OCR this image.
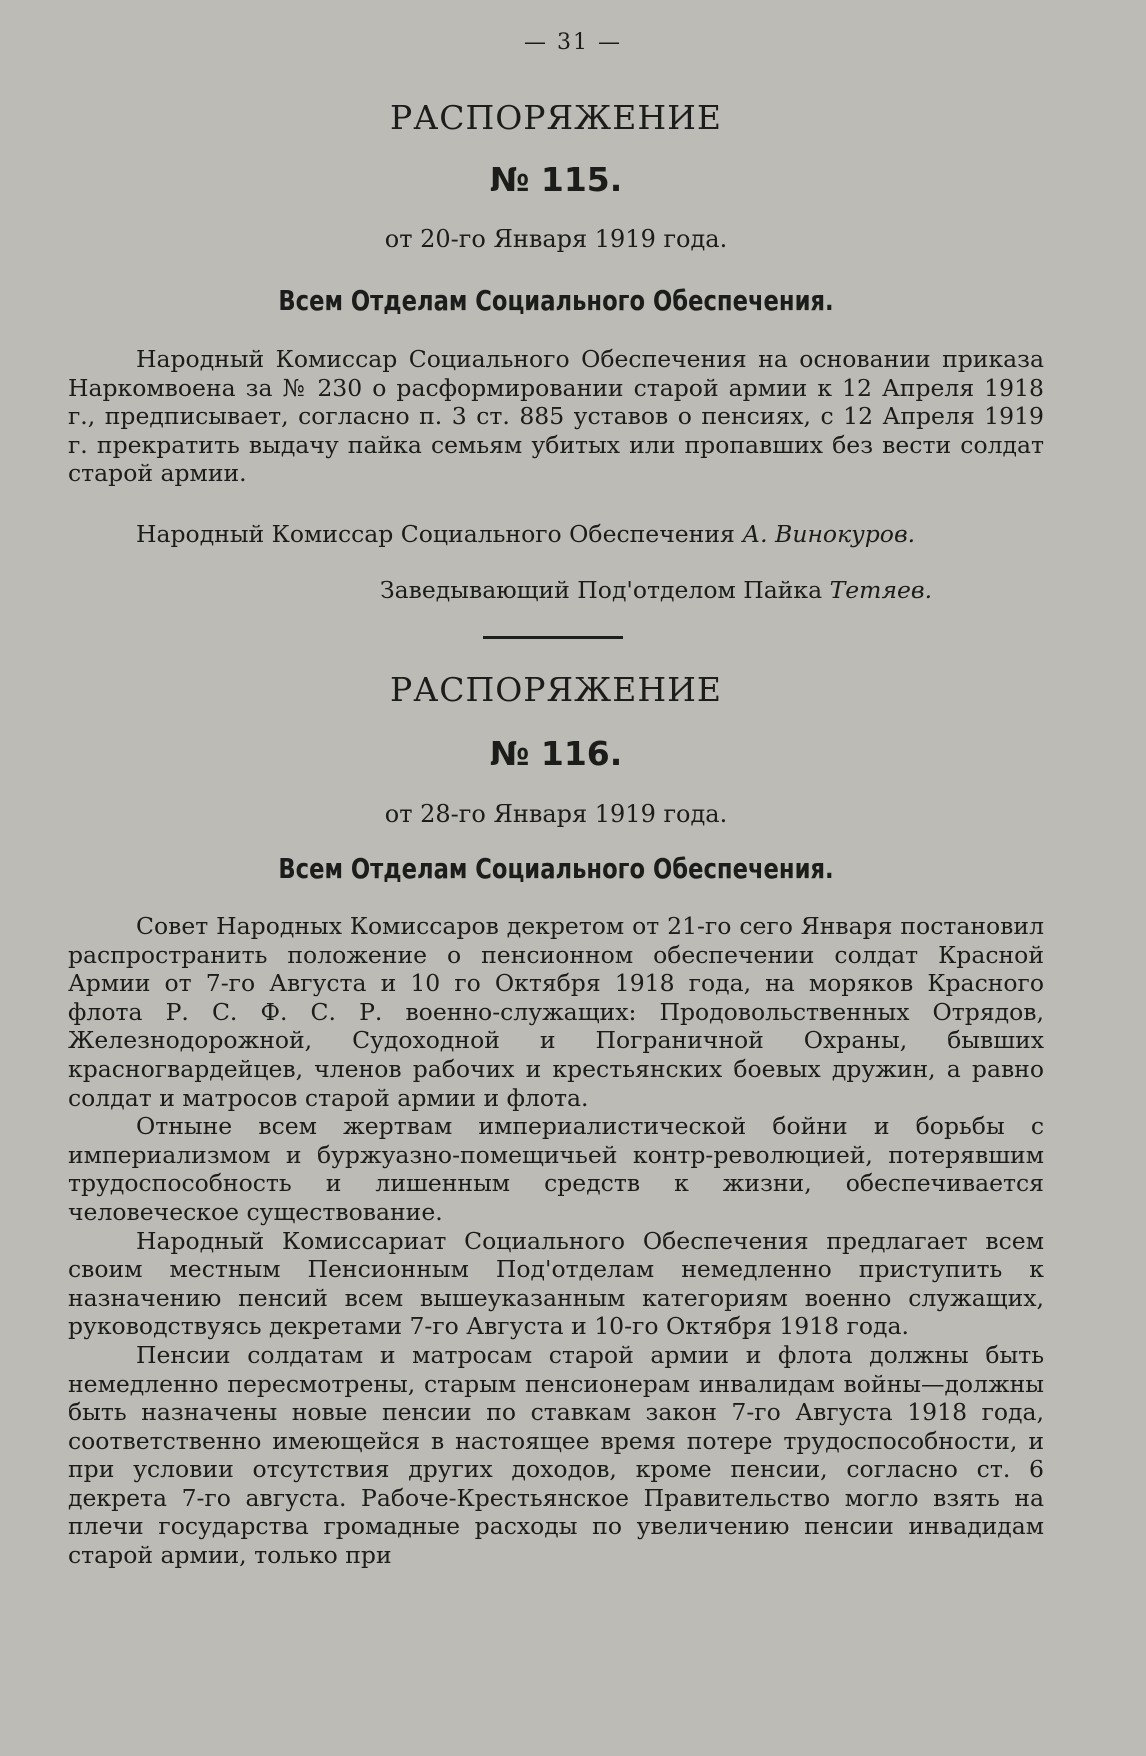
— 31 —
РАСПОРЯЖЕНИЕ
№ 115.
от 20-го Января 1919 года.
Всем Отделам Социального Обеспечения.

Народный Комиссар Социального Обеспечения на основании приказа Наркомвоена за № 230 о расформировании старой армии к 12 Апреля 1918 г., предписывает, согласно п. 3 ст. 885 уставов о пенсиях, с 12 Апреля 1919 г. прекратить выдачу пайка семьям убитых или пропавших без вести солдат старой армии.

Народный Комиссар Социального Обеспечения А. Винокуров.
Заведывающий Под'отделом Пайка Тетяев.
РАСПОРЯЖЕНИЕ
№ 116.
от 28-го Января 1919 года.
Всем Отделам Социального Обеспечения.

Совет Народных Комиссаров декретом от 21-го сего Января постановил распространить положение о пенсионном обеспечении солдат Красной Армии от 7-го Августа и 10 го Октября 1918 года, на моряков Красного флота Р. С. Ф. С. Р. военно-служащих: Продовольственных Отрядов, Железнодорожной, Судоходной и Пограничной Охраны, бывших красногвардейцев, членов рабочих и крестьянских боевых дружин, а равно солдат и матросов старой армии и флота.

Отныне всем жертвам империалистической бойни и борьбы с империализмом и буржуазно-помещичьей контр-революцией, потерявшим трудоспособность и лишенным средств к жизни, обеспечивается человеческое существование.

Народный Комиссариат Социального Обеспечения предлагает всем своим местным Пенсионным Под'отделам немедленно приступить к назначению пенсий всем вышеуказанным категориям военно служащих, руководствуясь декретами 7-го Августа и 10-го Октября 1918 года.

Пенсии солдатам и матросам старой армии и флота должны быть немедленно пересмотрены, старым пенсионерам инвалидам войны—должны быть назначены новые пенсии по ставкам закон 7-го Августа 1918 года, соответственно имеющейся в настоящее время потере трудоспособности, и при условии отсутствия других доходов, кроме пенсии, согласно ст. 6 декрета 7-го августа. Рабоче-Крестьянское Правительство могло взять на плечи государства громадные расходы по увеличению пенсии инвадидам старой армии, только при
